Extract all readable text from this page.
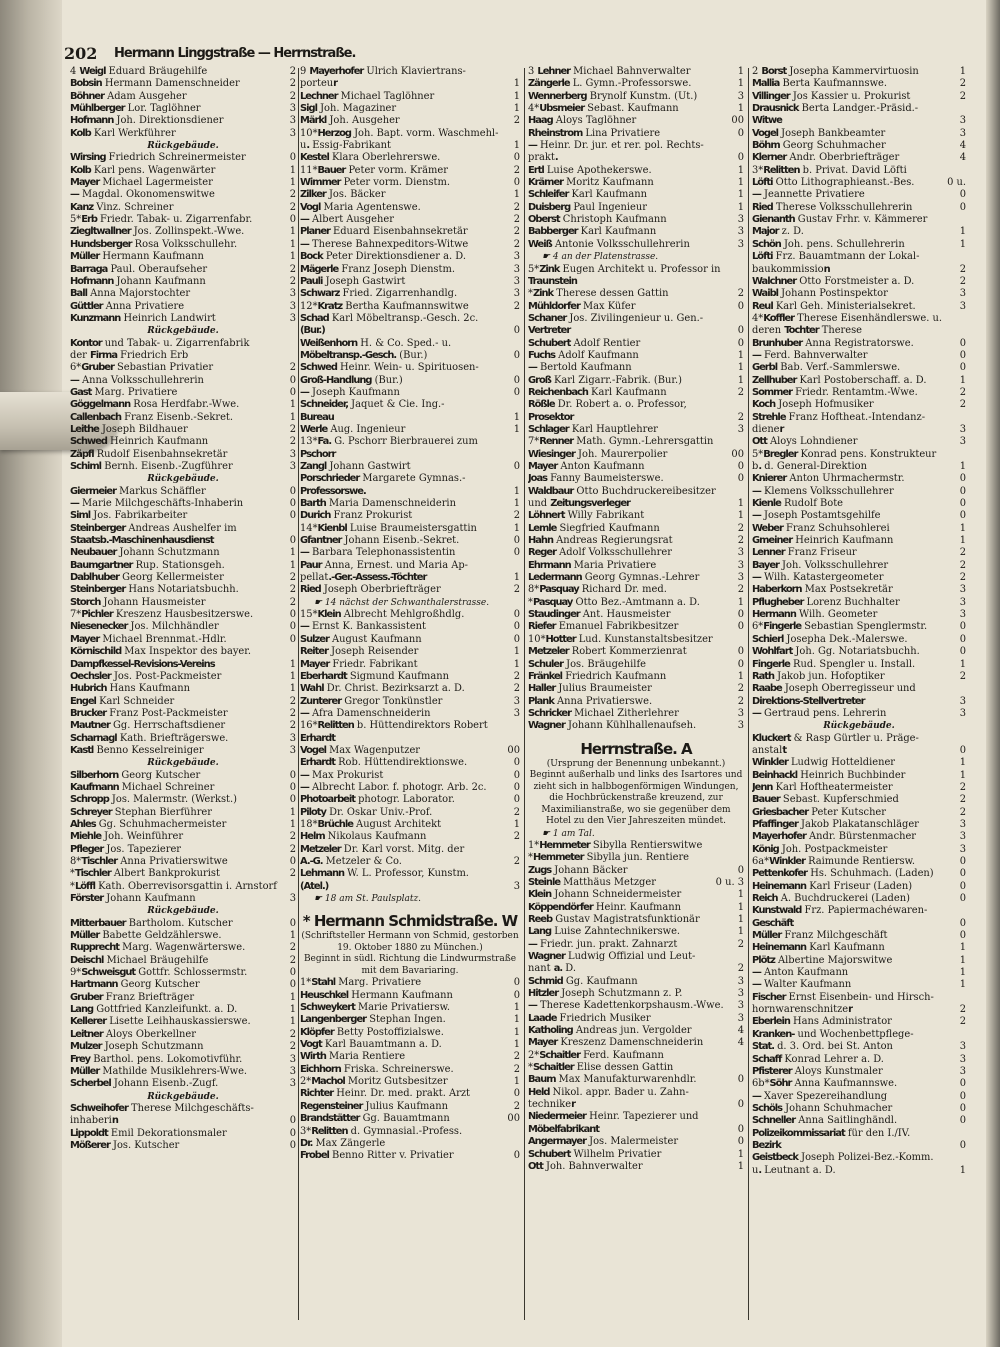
202 Hermann Linggstraße — Herrnstraße.
2
4 Weigl Eduard Bräugehilfe
2
Bobsin Hermann Damenschneider
2
Böhner Adam Ausgeher
3
Mühlberger Lor. Taglöhner
3
Hofmann Joh. Direktionsdiener
3
Kolb Karl Werkführer
Rückgebäude.
0
Wirsing Friedrich Schreinermeister
1
Kolb Karl pens. Wagenwärter
1
Mayer Michael Lagermeister
2
— Magdal. Ökonomenswitwe
2
Kanz Vinz. Schreiner
0
5*Erb Friedr. Tabak- u. Zigarrenfabr.
1
Ziegltwallner Jos. Zollinspekt.-Wwe.
1
Hundsberger Rosa Volksschullehr.
1
Müller Hermann Kaufmann
2
Barraga Paul. Oberaufseher
2
Hofmann Johann Kaufmann
3
Ball Anna Majorstochter
3
Güttler Anna Privatiere
3
Kunzmann Heinrich Landwirt
Rückgebäude.
Kontor und Tabak- u. Zigarrenfabrik
der Firma Friedrich Erb
2
6*Gruber Sebastian Privatier
0
— Anna Volksschullehrerin
0
Gast Marg. Privatiere
1
Göggelmann Rosa Herdfabr.-Wwe.
1
Callenbach Franz Eisenb.-Sekret.
2
Leithe Joseph Bildhauer
2
Schwed Heinrich Kaufmann
3
Zäpfl Rudolf Eisenbahnsekretär
3
Schiml Bernh. Eisenb.-Zugführer
Rückgebäude.
0
Giermeier Markus Schäffler
0
— Marie Milchgeschäfts-Inhaberin
0
Siml Jos. Fabrikarbeiter
Steinberger Andreas Aushelfer im
0
Staatsb.-Maschinenhausdienst
1
Neubauer Johann Schutzmann
1
Baumgartner Rup. Stationsgeh.
2
Dablhuber Georg Kellermeister
2
Steinberger Hans Notariatsbuchh.
2
Storch Johann Hausmeister
0
7*Pichler Kreszenz Hausbesitzerswe.
0
Niesenecker Jos. Milchhändler
0
Mayer Michael Brennmat.-Hdlr.
Körnischild Max Inspektor des bayer.
1
Dampfkessel-Revisions-Vereins
1
Oechsler Jos. Post-Packmeister
1
Hubrich Hans Kaufmann
2
Engel Karl Schneider
2
Brucker Franz Post-Packmeister
2
Mautner Gg. Herrschaftsdiener
3
Scharnagl Kath. Briefträgerswe.
3
Kastl Benno Kesselreiniger
Rückgebäude.
0
Silberhorn Georg Kutscher
0
Kaufmann Michael Schreiner
0
Schropp Jos. Malermstr. (Werkst.)
1
Schreyer Stephan Bierführer
1
Ahles Gg. Schuhmachermeister
2
Miehle Joh. Weinführer
2
Pfleger Jos. Tapezierer
0
8*Tischler Anna Privatierswitwe
2
*Tischler Albert Bankprokurist
*Löffl Kath. Oberrevisorsgattin i. Arnstorf
3
Förster Johann Kaufmann
Rückgebäude.
0
Mitterbauer Bartholom. Kutscher
1
Müller Babette Geldzählerswe.
2
Rupprecht Marg. Wagenwärterswe.
2
Deischl Michael Bräugehilfe
0
9*Schweisgut Gottfr. Schlossermstr.
0
Hartmann Georg Kutscher
1
Gruber Franz Briefträger
1
Lang Gottfried Kanzleifunkt. a. D.
1
Kellerer Lisette Leihhauskassierswe.
2
Leitner Aloys Oberkellner
2
Mulzer Joseph Schutzmann
3
Frey Barthol. pens. Lokomotivführ.
3
Müller Mathilde Musiklehrers-Wwe.
3
Scherbel Johann Eisenb.-Zugf.
Rückgebäude.
Schweihofer Therese Milchgeschäfts-
0
inhaberin
0
Lippoldt Emil Dekorationsmaler
0
Mößerer Jos. Kutscher
9 Mayerhofer Ulrich Klaviertrans-
1
porteur
1
Lechner Michael Taglöhner
1
Sigl Joh. Magaziner
2
Märkl Joh. Ausgeher
10*Herzog Joh. Bapt. vorm. Waschmehl-
1
u. Essig-Fabrikant
0
Kestel Klara Oberlehrerswe.
2
11*Bauer Peter vorm. Krämer
0
Wimmer Peter vorm. Dienstm.
1
Zilker Jos. Bäcker
2
Vogl Maria Agentenswe.
2
— Albert Ausgeher
2
Planer Eduard Eisenbahnsekretär
2
— Therese Bahnexpeditors-Witwe
3
Bock Peter Direktionsdiener a. D.
3
Mägerle Franz Joseph Dienstm.
3
Pauli Joseph Gastwirt
3
Schwarz Fried. Zigarrenhandlg.
2
12*Kratz Bertha Kaufmannswitwe
Schad Karl Möbeltransp.-Gesch. 2c.
0
(Bur.)
Weißenhorn H. & Co. Sped.- u.
0
Möbeltransp.-Gesch. (Bur.)
Schwed Heinr. Wein- u. Spirituosen-
0
Groß-Handlung (Bur.)
0
— Joseph Kaufmann
Schneider, Jaquet & Cie. Ing.-
1
Bureau
1
Werle Aug. Ingenieur
13*Fa. G. Pschorr Bierbrauerei zum
Pschorr
0
Zangl Johann Gastwirt
Porschrieder Margarete Gymnas.-
1
Professorswe.
1
Barth Maria Damenschneiderin
2
Durich Franz Prokurist
1
14*Kienbl Luise Braumeistersgattin
0
Gfantner Johann Eisenb.-Sekret.
0
— Barbara Telephonassistentin
Paur Anna, Ernest. und Maria Ap-
1
pellat.-Ger.-Assess.-Töchter
2
Ried Joseph Oberbriefträger
☛ 14 nächst der Schwanthalerstrasse.
0
15*Klein Albrecht Mehlgroßhdlg.
0
— Ernst K. Bankassistent
0
Sulzer August Kaufmann
1
Reiter Joseph Reisender
1
Mayer Friedr. Fabrikant
2
Eberhardt Sigmund Kaufmann
2
Wahl Dr. Christ. Bezirksarzt a. D.
3
Zunterer Gregor Tonkünstler
3
— Afra Damenschneiderin
16*Relitten b. Hüttendirektors Robert
Erhardt
00
Vogel Max Wagenputzer
0
Erhardt Rob. Hüttendirektionswe.
0
— Max Prokurist
0
— Albrecht Labor. f. photogr. Arb. 2c.
0
Photoarbeit photogr. Laborator.
2
Piloty Dr. Oskar Univ.-Prof.
1
18*Brüchle August Architekt
2
Helm Nikolaus Kaufmann
Metzeler Dr. Karl vorst. Mitg. der
2
A.-G. Metzeler & Co.
Lehmann W. L. Professor, Kunstm.
3
(Atel.)
☛ 18 am St. Paulsplatz.
* Hermann Schmidstraße. W
(Schriftsteller Hermann von Schmid, gestorben 19. Oktober 1880 zu München.)
Beginnt in südl. Richtung die Lindwurmstraße mit dem Bavariaring.
0
1*Stahl Marg. Privatiere
0
Heuschkel Hermann Kaufmann
1
Schweykert Marie Privatiersw.
1
Langenberger Stephan Ingen.
1
Klöpfer Betty Postoffizialswe.
1
Vogt Karl Bauamtmann a. D.
2
Wirth Maria Rentiere
2
Eichhorn Friska. Schreinerswe.
1
2*Machol Moritz Gutsbesitzer
0
Richter Heinr. Dr. med. prakt. Arzt
2
Regensteiner Julius Kaufmann
00
Brandstätter Gg. Bauamtmann
3*Relitten d. Gymnasial.-Profess.
Dr. Max Zängerle
0
Frobel Benno Ritter v. Privatier
1
3 Lehner Michael Bahnverwalter
1
Zängerle L. Gymn.-Professorswe.
3
Wennerberg Brynolf Kunstm. (Ut.)
1
4*Ubsmeier Sebast. Kaufmann
00
Haag Aloys Taglöhner
0
Rheinstrom Lina Privatiere
— Heinr. Dr. jur. et rer. pol. Rechts-
0
prakt.
1
Ertl Luise Apothekerswe.
1
Krämer Moritz Kaufmann
1
Schleifer Karl Kaufmann
1
Duisberg Paul Ingenieur
3
Oberst Christoph Kaufmann
3
Babberger Karl Kaufmann
3
Weiß Antonie Volksschullehrerin
☛ 4 an der Platenstrasse.
5*Zink Eugen Architekt u. Professor in
Traunstein
2
*Zink Therese dessen Gattin
0
Mühldorfer Max Küfer
Schaner Jos. Zivilingenieur u. Gen.-
0
Vertreter
0
Schubert Adolf Rentier
1
Fuchs Adolf Kaufmann
1
— Bertold Kaufmann
1
Groß Karl Zigarr.-Fabrik. (Bur.)
2
Reichenbach Karl Kaufmann
Rößle Dr. Robert a. o. Professor,
2
Prosektor
3
Schlager Karl Hauptlehrer
7*Renner Math. Gymn.-Lehrersgattin
00
Wiesinger Joh. Maurerpolier
0
Mayer Anton Kaufmann
0
Joas Fanny Baumeisterswe.
Waldbaur Otto Buchdruckereibesitzer
1
und Zeitungsverleger
1
Löhnert Willy Fabrikant
2
Lemle Siegfried Kaufmann
2
Hahn Andreas Regierungsrat
3
Reger Adolf Volksschullehrer
3
Ehrmann Maria Privatiere
3
Ledermann Georg Gymnas.-Lehrer
2
8*Pasquay Richard Dr. med.
1
*Pasquay Otto Bez.-Amtmann a. D.
0
Staudinger Ant. Hausmeister
0
Riefer Emanuel Fabrikbesitzer
10*Hotter Lud. Kunstanstaltsbesitzer
0
Metzeler Robert Kommerzienrat
0
Schuler Jos. Bräugehilfe
1
Fränkel Friedrich Kaufmann
2
Haller Julius Braumeister
2
Plank Anna Privatierswe.
3
Schricker Michael Zitherlehrer
3
Wagner Johann Kühlhallenaufseh.
Herrnstraße. A
(Ursprung der Benennung unbekannt.)
Beginnt außerhalb und links des Isartores und zieht sich in halbbogenförmigen Windungen, die Hochbrückenstraße kreuzend, zur Maximilianstraße, wo sie gegenüber dem Hotel zu den Vier Jahreszeiten mündet.
☛ 1 am Tal.
1*Hemmeter Sibylla Rentierswitwe
*Hemmeter Sibylla jun. Rentiere
0
Zugs Johann Bäcker
0 u. 3
Steinle Matthäus Metzger
1
Klein Johann Schneidermeister
1
Köppendörfer Heinr. Kaufmann
1
Reeb Gustav Magistratsfunktionär
1
Lang Luise Zahntechnikerswe.
2
— Friedr. jun. prakt. Zahnarzt
Wagner Ludwig Offizial und Leut-
2
nant a. D.
3
Schmid Gg. Kaufmann
3
Hitzler Joseph Schutzmann z. P.
3
— Therese Kadettenkorpshausm.-Wwe.
3
Laade Friedrich Musiker
4
Katholing Andreas jun. Vergolder
4
Mayer Kreszenz Damenschneiderin
2*Schaitler Ferd. Kaufmann
*Schaitler Elise dessen Gattin
0
Baum Max Manufakturwarenhdlr.
Held Nikol. appr. Bader u. Zahn-
0
techniker
Niedermeier Heinr. Tapezierer und
0
Möbelfabrikant
0
Angermayer Jos. Malermeister
1
Schubert Wilhelm Privatier
1
Ott Joh. Bahnverwalter
1
2 Borst Josepha Kammervirtuosin
2
Mallia Berta Kaufmannswe.
2
Villinger Jos Kassier u. Prokurist
Drausnick Berta Landger.-Präsid.-
3
Witwe
3
Vogel Joseph Bankbeamter
4
Böhm Georg Schuhmacher
4
Klerner Andr. Oberbriefträger
3*Relitten b. Privat. David Löfti
0 u.
Löfti Otto Lithographieanst.-Bes.
0
— Jeannette Privatiere
0
Ried Therese Volksschullehrerin
Gienanth Gustav Frhr. v. Kämmerer
1
Major z. D.
1
Schön Joh. pens. Schullehrerin
Löfti Frz. Bauamtmann der Lokal-
2
baukommission
2
Walchner Otto Forstmeister a. D.
3
Waibl Johann Postinspektor
3
Reul Karl Geh. Ministerialsekret.
4*Koffler Therese Eisenhändlerswe. u.
deren Tochter Therese
0
Brunhuber Anna Registratorswe.
0
— Ferd. Bahnverwalter
0
Gerbl Bab. Verf.-Sammlerswe.
1
Zellhuber Karl Postoberschaff. a. D.
2
Sommer Friedr. Rentamtm.-Wwe.
2
Koch Joseph Hofmusiker
Strehle Franz Hoftheat.-Intendanz-
3
diener
3
Ott Aloys Lohndiener
5*Bregler Konrad pens. Konstrukteur
1
b. d. General-Direktion
0
Knierer Anton Uhrmachermstr.
0
— Klemens Volksschullehrer
0
Kienle Rudolf Bote
0
— Joseph Postamtsgehilfe
1
Weber Franz Schuhsohlerei
1
Gmeiner Heinrich Kaufmann
2
Lenner Franz Friseur
2
Bayer Joh. Volksschullehrer
2
— Wilh. Katastergeometer
3
Haberkorn Max Postsekretär
3
Pflugheber Lorenz Buchhalter
3
Hermann Wilh. Geometer
0
6*Fingerle Sebastian Spenglermstr.
0
Schierl Josepha Dek.-Malerswe.
0
Wohlfart Joh. Gg. Notariatsbuchh.
1
Fingerle Rud. Spengler u. Install.
2
Rath Jakob jun. Hofoptiker
Raabe Joseph Oberregisseur und
3
Direktions-Stellvertreter
3
— Gertraud pens. Lehrerin
Rückgebäude.
Kluckert & Rasp Gürtler u. Präge-
0
anstalt
1
Winkler Ludwig Hotteldiener
1
Beinhackl Heinrich Buchbinder
2
Jenn Karl Hoftheatermeister
2
Bauer Sebast. Kupferschmied
2
Griesbacher Peter Kutscher
3
Pfaffinger Jakob Plakatanschläger
3
Mayerhofer Andr. Bürstenmacher
3
König Joh. Postpackmeister
0
6a*Winkler Raimunde Rentiersw.
0
Pettenkofer Hs. Schuhmach. (Laden)
0
Heinemann Karl Friseur (Laden)
0
Reich A. Buchdruckerei (Laden)
Kunstwald Frz. Papiermachéwaren-
0
Geschäft
0
Müller Franz Milchgeschäft
1
Heinemann Karl Kaufmann
1
Plötz Albertine Majorswitwe
1
— Anton Kaufmann
1
— Walter Kaufmann
Fischer Ernst Eisenbein- und Hirsch-
2
hornwarenschnitzer
2
Eberlein Hans Administrator
Kranken- und Wochenbettpflege-
3
Stat. d. 3. Ord. bei St. Anton
3
Schaff Konrad Lehrer a. D.
3
Pfisterer Aloys Kunstmaler
0
6b*Söhr Anna Kaufmannswe.
0
— Xaver Spezereihandlung
0
Schöls Johann Schuhmacher
0
Schneller Anna Saitlinghändl.
Polizeikommissariat für den I./IV.
0
Bezirk
Geistbeck Joseph Polizei-Bez.-Komm.
1
u. Leutnant a. D.
